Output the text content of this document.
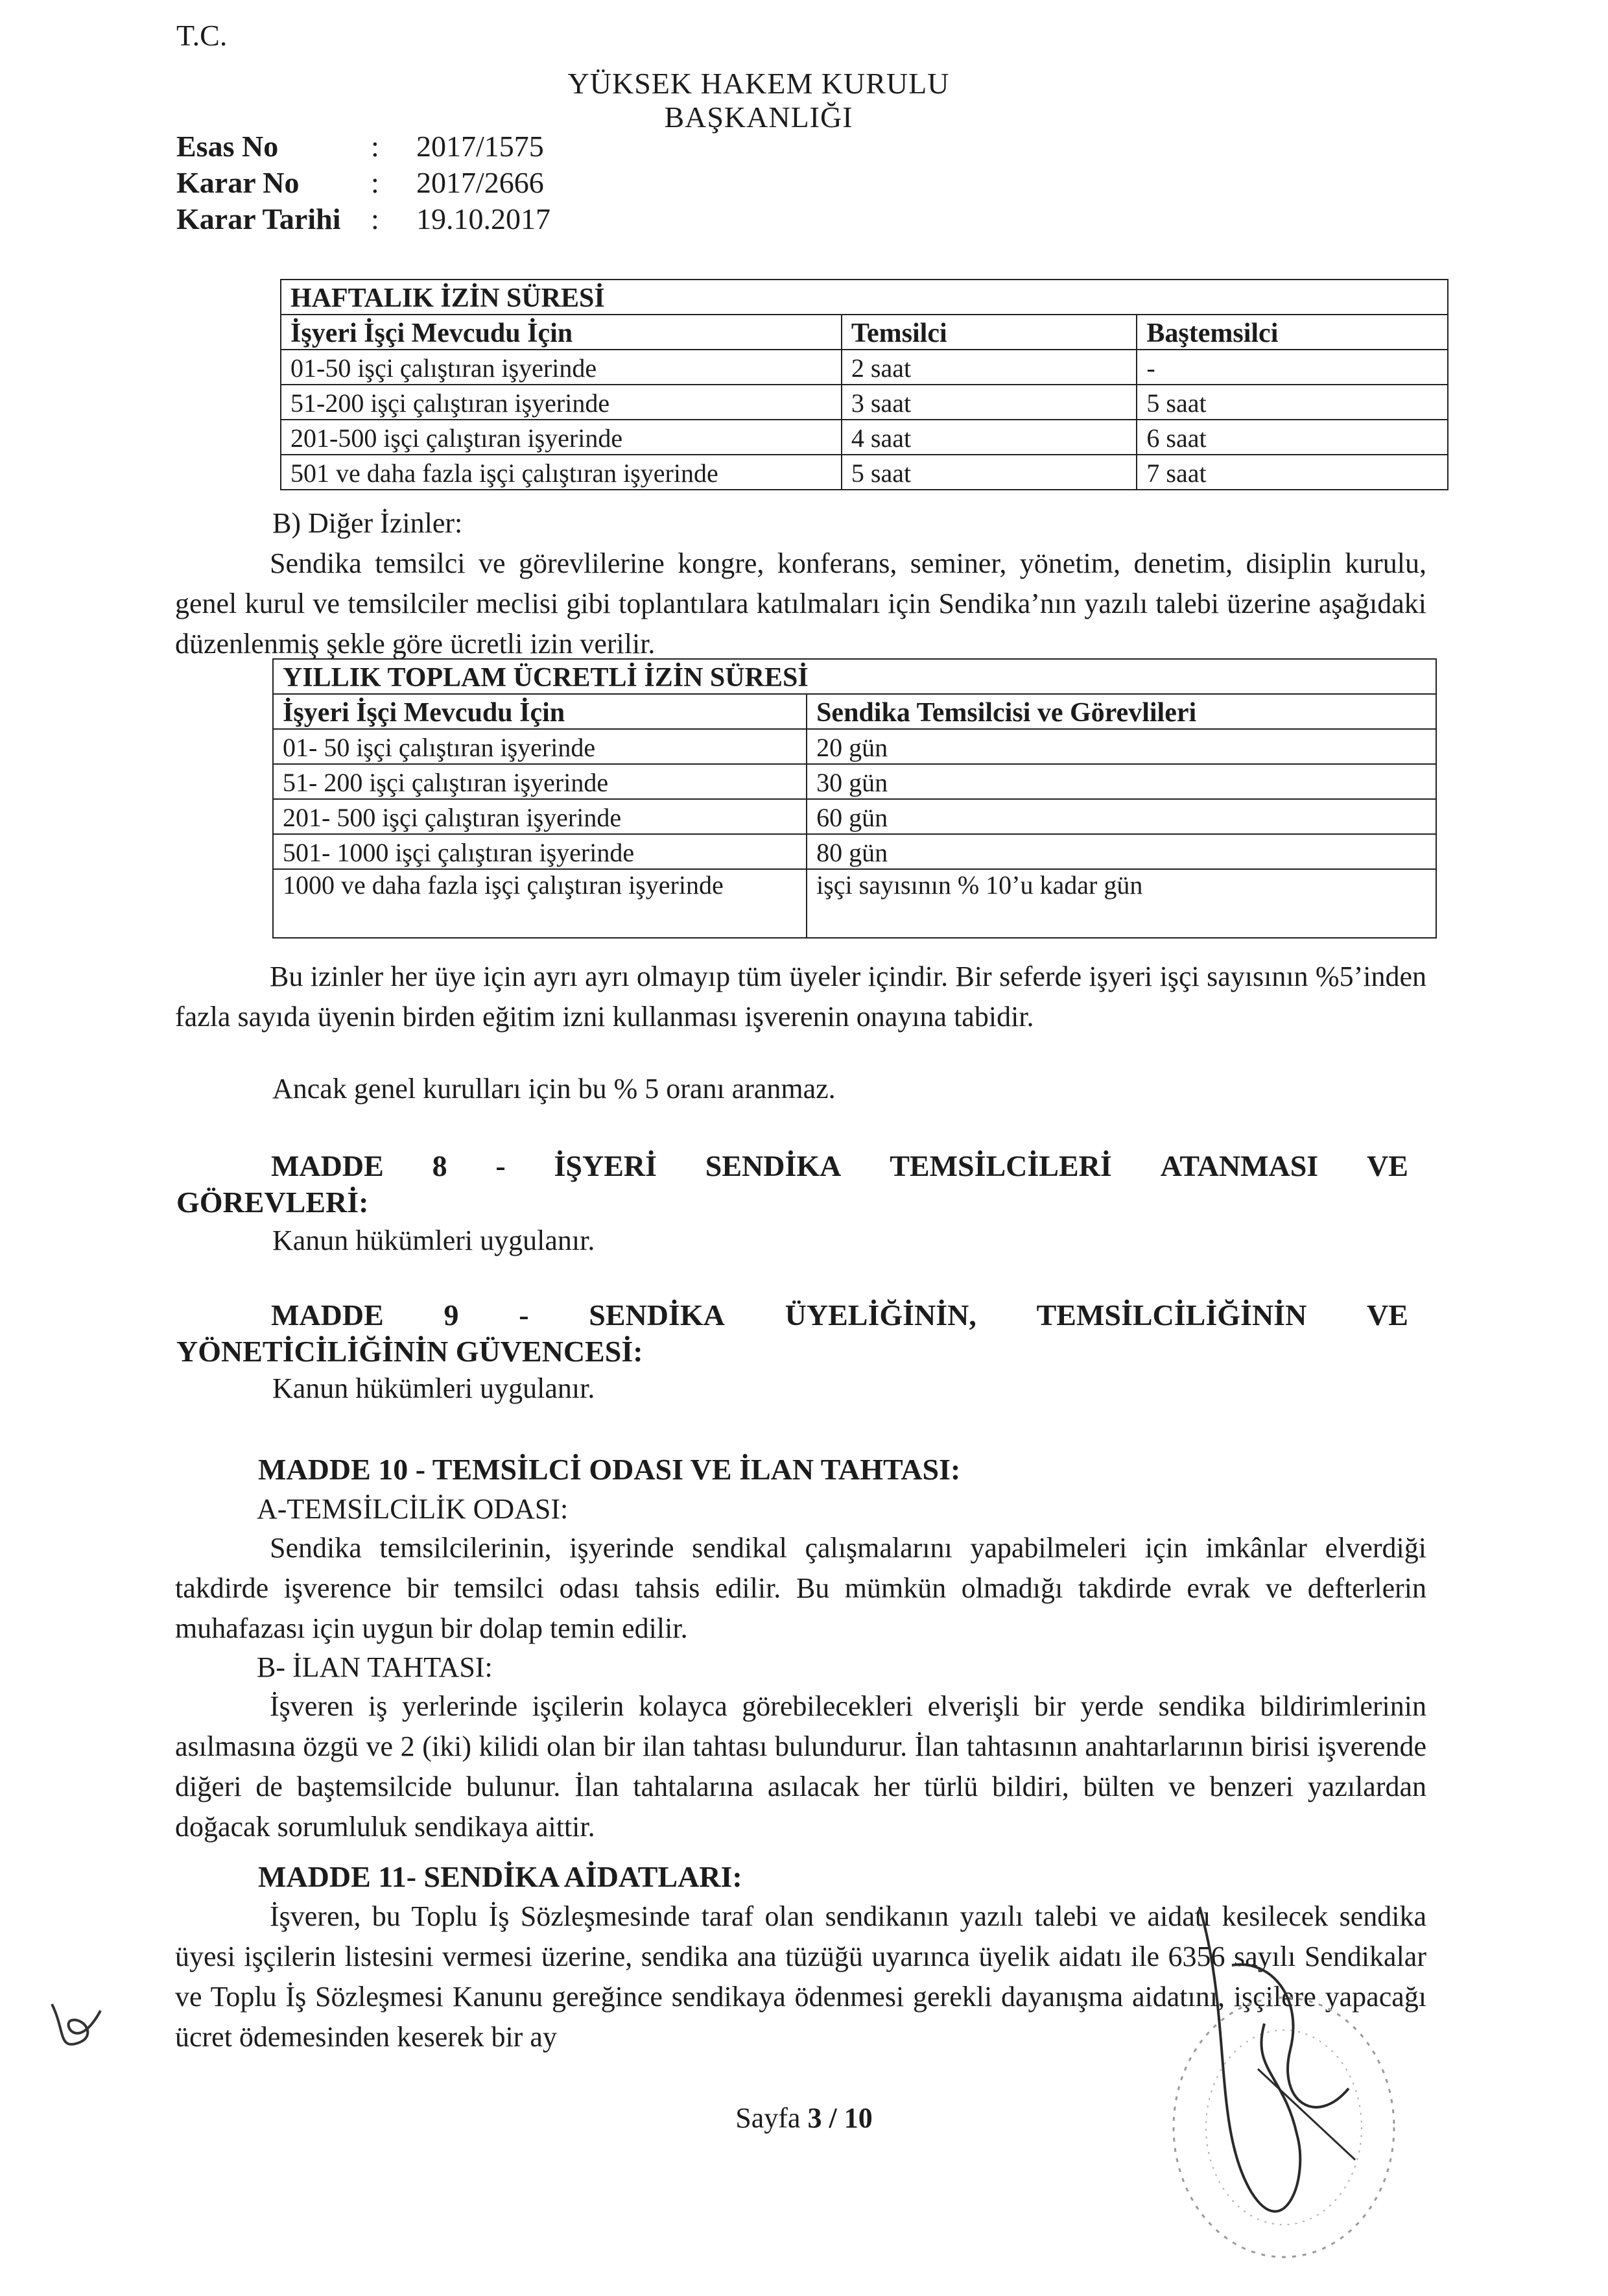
T.C.
YÜKSEK HAKEM KURULU
BAŞKANLIĞI
Esas No	:	2017/1575
Karar No	:	2017/2666
Karar Tarihi	:	19.10.2017
HAFTALIK İZİN SÜRESİ		
İşyeri İşçi Mevcudu İçin	Temsilci	Baştemsilci
01-50 işçi çalıştıran işyerinde	2 saat	-
51-200 işçi çalıştıran işyerinde	3 saat	5 saat
201-500 işçi çalıştıran işyerinde	4 saat	6 saat
501 ve daha fazla işçi çalıştıran işyerinde	5 saat	7 saat
B) Diğer İzinler:
Sendika temsilci ve görevlilerine kongre, konferans, seminer, yönetim, denetim, disiplin kurulu, genel kurul ve temsilciler meclisi gibi toplantılara katılmaları için Sendika’nın yazılı talebi üzerine aşağıdaki düzenlenmiş şekle göre ücretli izin verilir.
YILLIK TOPLAM ÜCRETLİ İZİN SÜRESİ	
İşyeri İşçi Mevcudu İçin	Sendika Temsilcisi ve Görevlileri
01- 50 işçi çalıştıran işyerinde	20 gün
51- 200 işçi çalıştıran işyerinde	30 gün
201- 500 işçi çalıştıran işyerinde	60 gün
501- 1000 işçi çalıştıran işyerinde	80 gün
1000 ve daha fazla işçi çalıştıran işyerinde	işçi sayısının % 10’u kadar gün
Bu izinler her üye için ayrı ayrı olmayıp tüm üyeler içindir. Bir seferde işyeri işçi sayısının %5’inden fazla sayıda üyenin birden eğitim izni kullanması işverenin onayına tabidir.
Ancak genel kurulları için bu % 5 oranı aranmaz.
MADDE 8 - İŞYERİ SENDİKA TEMSİLCİLERİ ATANMASI VE
GÖREVLERİ:
Kanun hükümleri uygulanır.
MADDE 9 - SENDİKA ÜYELİĞİNİN, TEMSİLCİLİĞİNİN VE
YÖNETİCİLİĞİNİN GÜVENCESİ:
Kanun hükümleri uygulanır.
MADDE 10 - TEMSİLCİ ODASI VE İLAN TAHTASI:
A-TEMSİLCİLİK ODASI:
Sendika temsilcilerinin, işyerinde sendikal çalışmalarını yapabilmeleri için imkânlar elverdiği takdirde işverence bir temsilci odası tahsis edilir. Bu mümkün olmadığı takdirde evrak ve defterlerin muhafazası için uygun bir dolap temin edilir.
B- İLAN TAHTASI:
İşveren iş yerlerinde işçilerin kolayca görebilecekleri elverişli bir yerde sendika bildirimlerinin asılmasına özgü ve 2 (iki) kilidi olan bir ilan tahtası bulundurur. İlan tahtasının anahtarlarının birisi işverende diğeri de baştemsilcide bulunur. İlan tahtalarına asılacak her türlü bildiri, bülten ve benzeri yazılardan doğacak sorumluluk sendikaya aittir.
MADDE 11- SENDİKA AİDATLARI:
İşveren, bu Toplu İş Sözleşmesinde taraf olan sendikanın yazılı talebi ve aidatı kesilecek sendika üyesi işçilerin listesini vermesi üzerine, sendika ana tüzüğü uyarınca üyelik aidatı ile 6356 sayılı Sendikalar ve Toplu İş Sözleşmesi Kanunu gereğince sendikaya ödenmesi gerekli dayanışma aidatını, işçilere yapacağı ücret ödemesinden keserek bir ay
Sayfa 3 / 10
